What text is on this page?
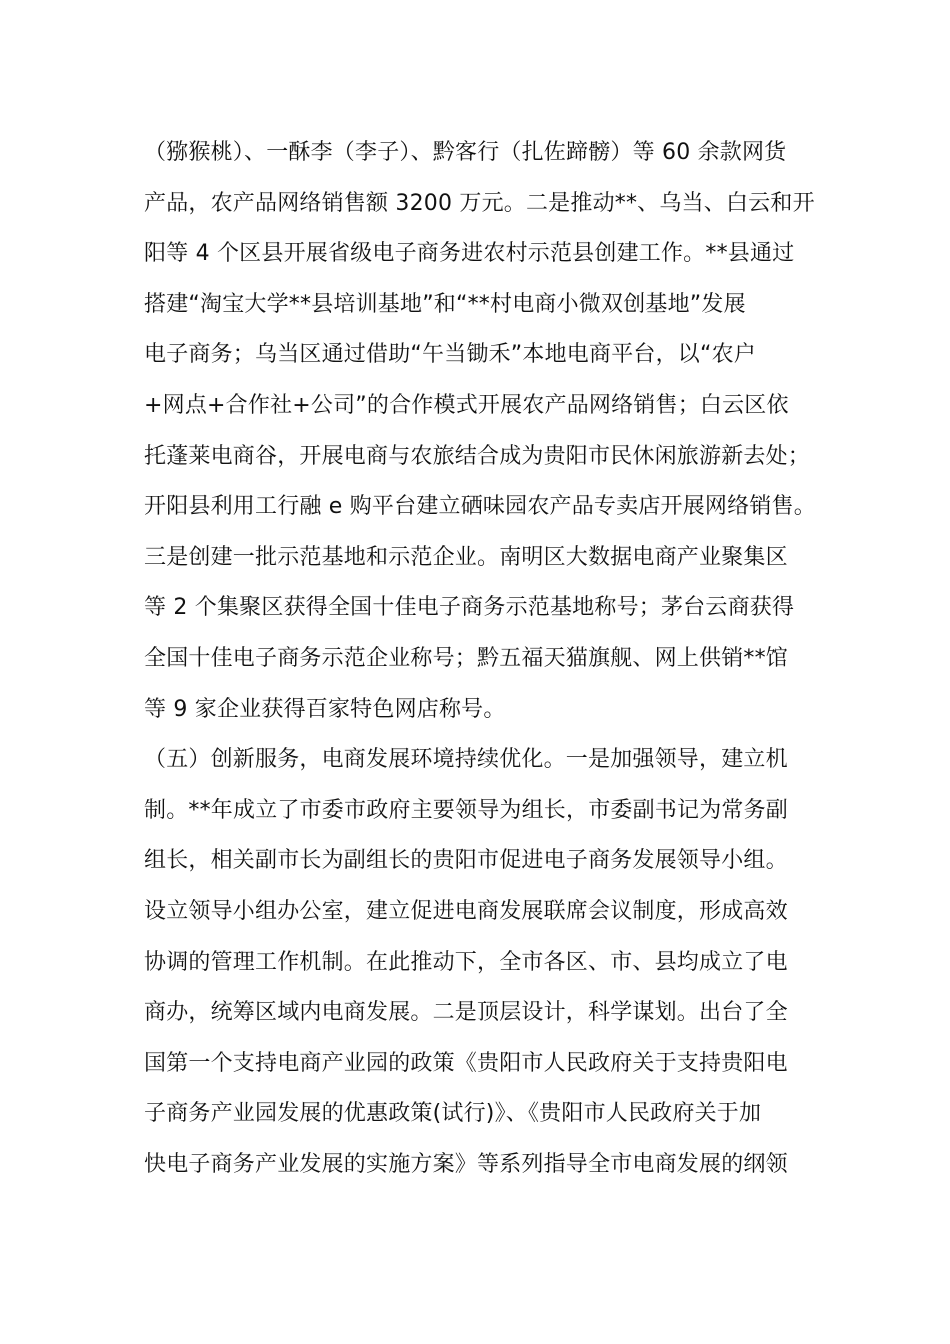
（猕猴桃）、一酥李（李子）、黔客行（扎佐蹄髈）等 60 余款网货
产品，农产品网络销售额 3200 万元。二是推动**、乌当、白云和开
阳等 4 个区县开展省级电子商务进农村示范县创建工作。**县通过
搭建“淘宝大学**县培训基地”和“**村电商小微双创基地”发展
电子商务；乌当区通过借助“午当锄禾”本地电商平台，以“农户
+网点+合作社+公司”的合作模式开展农产品网络销售；白云区依
托蓬莱电商谷，开展电商与农旅结合成为贵阳市民休闲旅游新去处；
开阳县利用工行融 e 购平台建立硒味园农产品专卖店开展网络销售。
三是创建一批示范基地和示范企业。南明区大数据电商产业聚集区
等 2 个集聚区获得全国十佳电子商务示范基地称号；茅台云商获得
全国十佳电子商务示范企业称号；黔五福天猫旗舰、网上供销**馆
等 9 家企业获得百家特色网店称号。
（五）创新服务，电商发展环境持续优化。一是加强领导，建立机
制。**年成立了市委市政府主要领导为组长，市委副书记为常务副
组长，相关副市长为副组长的贵阳市促进电子商务发展领导小组。
设立领导小组办公室，建立促进电商发展联席会议制度，形成高效
协调的管理工作机制。在此推动下，全市各区、市、县均成立了电
商办，统筹区域内电商发展。二是顶层设计，科学谋划。出台了全
国第一个支持电商产业园的政策《贵阳市人民政府关于支持贵阳电
子商务产业园发展的优惠政策(试行)》、《贵阳市人民政府关于加
快电子商务产业发展的实施方案》等系列指导全市电商发展的纲领
